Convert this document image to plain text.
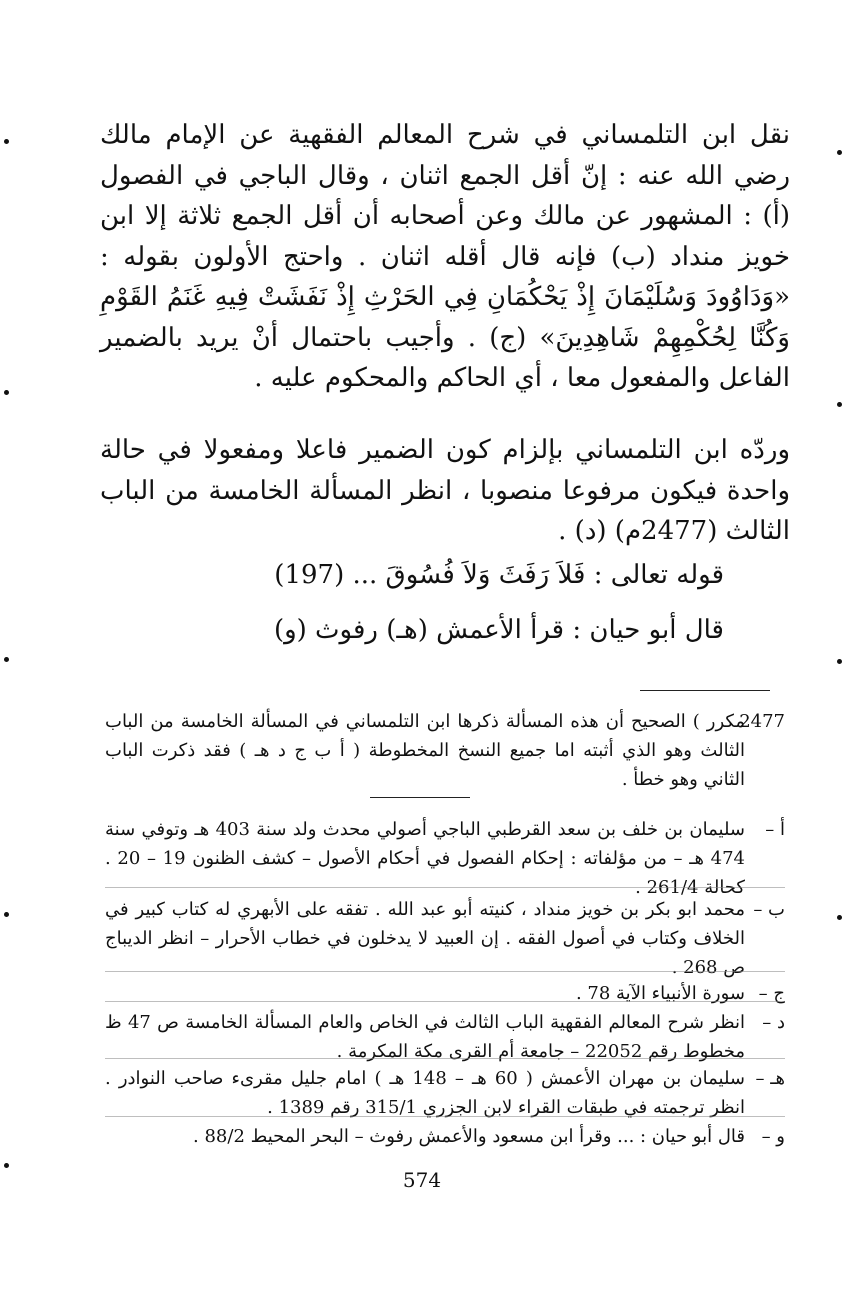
نقل ابن التلمساني في شرح المعالم الفقهية عن الإمام مالك رضي الله عنه : إنّ أقل الجمع اثنان ، وقال الباجي في الفصول (أ) : المشهور عن مالك وعن أصحابه أن أقل الجمع ثلاثة إلا ابن خويز منداد (ب) فإنه قال أقله اثنان . واحتج الأولون بقوله : «وَدَاوُودَ وَسُلَيْمَانَ إِذْ يَحْكُمَانِ فِي الحَرْثِ إِذْ نَفَشَتْ فِيهِ غَنَمُ القَوْمِ وَكُنَّا لِحُكْمِهِمْ شَاهِدِينَ» (ج) . وأجيب باحتمال أنْ يريد بالضمير الفاعل والمفعول معا ، أي الحاكم والمحكوم عليه .

وردّه ابن التلمساني بإلزام كون الضمير فاعلا ومفعولا في حالة واحدة فيكون مرفوعا منصوبا ، انظر المسألة الخامسة من الباب الثالث (2477م) (د) .

قوله تعالى : فَلاَ رَفَثَ وَلاَ فُسُوقَ ... (197)
قال أبو حيان : قرأ الأعمش (هـ) رفوث (و)
2477
مكرر ) الصحيح أن هذه المسألة ذكرها ابن التلمساني في المسألة الخامسة من الباب الثالث وهو الذي أثبته اما جميع النسخ المخطوطة ( أ ب ج د هـ ) فقد ذكرت الباب الثاني وهو خطأ .
أ –
سليمان بن خلف بن سعد القرطبي الباجي أصولي محدث ولد سنة 403 هـ وتوفي سنة 474 هـ – من مؤلفاته : إحكام الفصول في أحكام الأصول – كشف الظنون 19 – 20 . كحالة 261/4 .
ب –
محمد ابو بكر بن خويز منداد ، كنيته أبو عبد الله . تفقه على الأبهري له كتاب كبير في الخلاف وكتاب في أصول الفقه . إن العبيد لا يدخلون في خطاب الأحرار – انظر الديباج ص 268 .
ج –
سورة الأنبياء الآية 78 .
د –
انظر شرح المعالم الفقهية الباب الثالث في الخاص والعام المسألة الخامسة ص 47 ظ مخطوط رقم 22052 – جامعة أم القرى مكة المكرمة .
هـ –
سليمان بن مهران الأعمش ( 60 هـ – 148 هـ ) امام جليل مقرىء صاحب النوادر . انظر ترجمته في طبقات القراء لابن الجزري 315/1 رقم 1389 .
و –
قال أبو حيان : ... وقرأ ابن مسعود والأعمش رفوث – البحر المحيط 88/2 .
574
